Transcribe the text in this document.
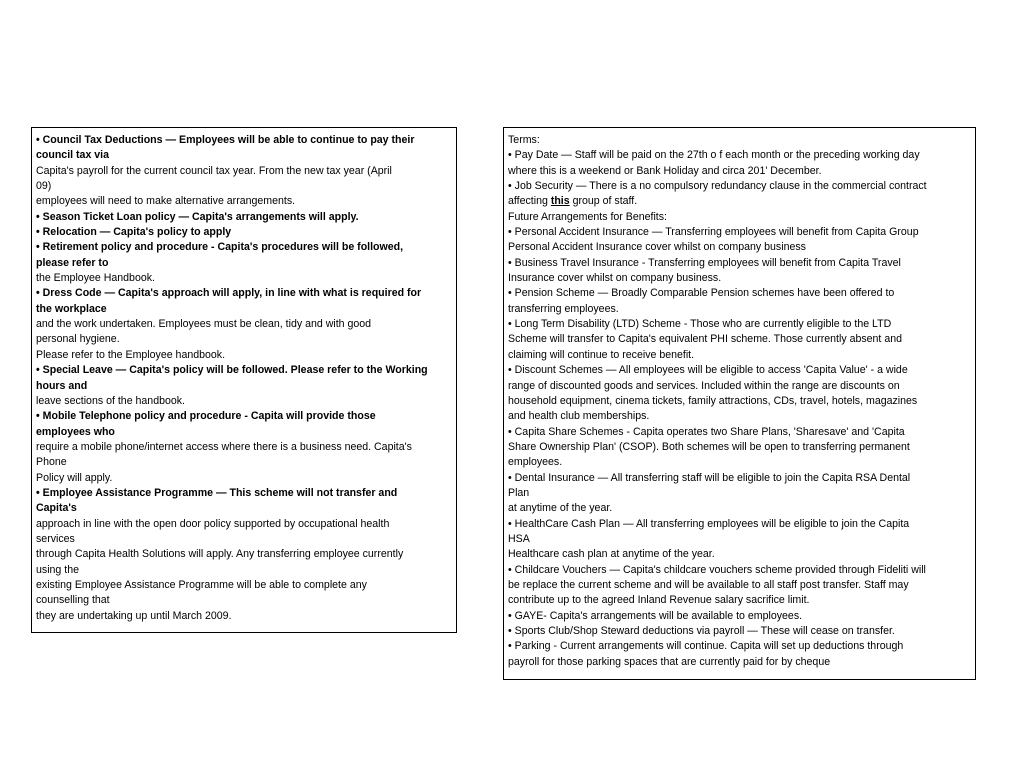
• Council Tax Deductions — Employees will be able to continue to pay their
council tax via
Capita's payroll for the current council tax year. From the new tax year (April
09)
employees will need to make alternative arrangements.
• Season Ticket Loan policy — Capita's arrangements will apply.
• Relocation — Capita's policy to apply
• Retirement policy and procedure - Capita's procedures will be followed,
please refer to
the Employee Handbook.
• Dress Code — Capita's approach will apply, in line with what is required for
the workplace
and the work undertaken. Employees must be clean, tidy and with good
personal hygiene.
Please refer to the Employee handbook.
• Special Leave — Capita's policy will be followed. Please refer to the Working
hours and
leave sections of the handbook.
• Mobile Telephone policy and procedure - Capita will provide those
employees who
require a mobile phone/internet access where there is a business need. Capita's
Phone
Policy will apply.
• Employee Assistance Programme — This scheme will not transfer and
Capita's
approach in line with the open door policy supported by occupational health
services
through Capita Health Solutions will apply. Any transferring employee currently
using the
existing Employee Assistance Programme will be able to complete any
counselling that
they are undertaking up until March 2009.
Terms:
• Pay Date — Staff will be paid on the 27th o f each month or the preceding working day
where this is a weekend or Bank Holiday and circa 201' December.
• Job Security — There is a no compulsory redundancy clause in the commercial contract
affecting this group of staff.
Future Arrangements for Benefits:
• Personal Accident Insurance — Transferring employees will benefit from Capita Group
Personal Accident Insurance cover whilst on company business
• Business Travel Insurance - Transferring employees will benefit from Capita Travel
Insurance cover whilst on company business.
• Pension Scheme — Broadly Comparable Pension schemes have been offered to
transferring employees.
• Long Term Disability (LTD) Scheme - Those who are currently eligible to the LTD
Scheme will transfer to Capita's equivalent PHI scheme. Those currently absent and
claiming will continue to receive benefit.
• Discount Schemes — All employees will be eligible to access 'Capita Value' - a wide
range of discounted goods and services. Included within the range are discounts on
household equipment, cinema tickets, family attractions, CDs, travel, hotels, magazines
and health club memberships.
• Capita Share Schemes - Capita operates two Share Plans, 'Sharesave' and 'Capita
Share Ownership Plan' (CSOP). Both schemes will be open to transferring permanent
employees.
• Dental Insurance — All transferring staff will be eligible to join the Capita RSA Dental
Plan
at anytime of the year.
• HealthCare Cash Plan — All transferring employees will be eligible to join the Capita
HSA
Healthcare cash plan at anytime of the year.
• Childcare Vouchers — Capita's childcare vouchers scheme provided through Fideliti will
be replace the current scheme and will be available to all staff post transfer. Staff may
contribute up to the agreed Inland Revenue salary sacrifice limit.
• GAYE- Capita's arrangements will be available to employees.
• Sports Club/Shop Steward deductions via payroll — These will cease on transfer.
• Parking - Current arrangements will continue. Capita will set up deductions through
payroll for those parking spaces that are currently paid for by cheque
